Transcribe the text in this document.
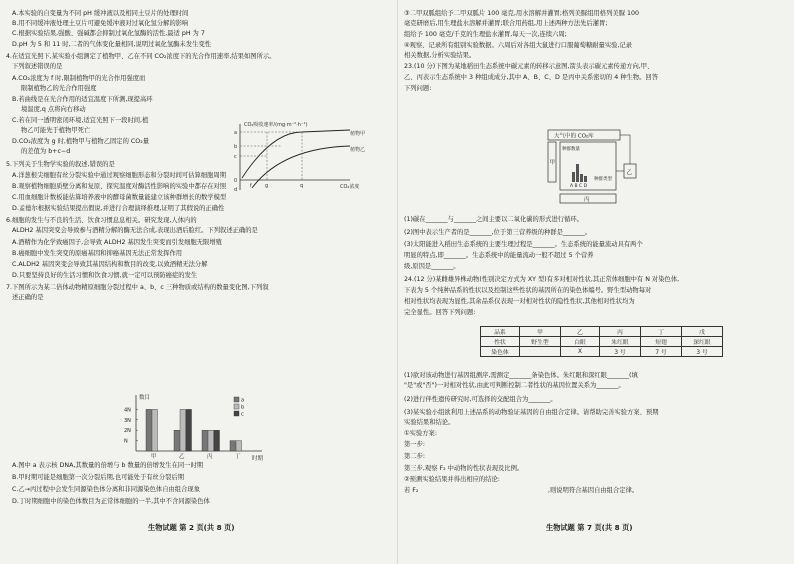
A.本实验的自变量为不同 pH 缓冲液以及相同土豆片的处理时间
B.用不同缓冲液处理土豆片可避免缓冲液对过氧化氢分解的影响
C.根据实验结果,强酸、强碱都会抑制过氧化氢酶的活性,最适 pH 为 7
D.pH 为 5 和 11 时,二者的气体变化量相同,说明过氧化氢酶未发生变性
4.在适宜光照下,某实验小组测定了植物甲、乙在不同 CO₂浓度下的光合作用速率,结果如图所示。
下列叙述错误的是
A.CO₂浓度为 f 时,限制植物甲的光合作用强度而
限制植物乙的光合作用强度
B.若曲线是在光合作用的适宜温度下所测,现提高环
境温度,q 点将向右移动
C.若在同一透明密闭环境,适宜光照下一段时间,植
物乙可能先于植物甲死亡
D.CO₂浓度为 g 时,植物甲与植物乙固定的 CO₂量
的差值为 b+c−d
5.下列关于生物学实验的叙述,错误的是
A.洋葱根尖细胞有丝分裂实验中通过观察细胞形态和分裂时间可估算细胞周期
B.观察植物细胞质壁分离和复原、探究温度对酶活性影响的实验中都存在对照
C.用血细胞计数板能估算培养液中的酵母菌数量能建立该种群增长的数学模型
D.孟德尔根据实验结果提出假说,并进行合理演绎推理,证明了其假说的正确性
6.细胞的发生与不良的生活、饮食习惯息息相关。研究发现,人体内的
ALDH2 基因突变会导致参与酒精分解的酶无法合成,表现出酒后脸红。下列叙述正确的是
A.酒精作为化学致癌因子,会导致 ALDH2 基因发生突变而引发细胞无限增殖
B.癌细胞中发生突变的原癌基因和抑癌基因无法正常发挥作用
C.ALDH2 基因突变会导致其基因结构和数目的改变,以致酒精无法分解
D.只要坚持良好的生活习惯和饮食习惯,就一定可以预防癌症的发生
7.下图所示为某二倍体动物精原细胞分裂过程中 a、b、c 三种物质或结构的数量变化图,下列叙
述正确的是
A.图中 a 表示核 DNA,其数量的倍增与 b 数量的倍增发生在同一时期
B.甲时期可能是细胞第一次分裂后期,也可能处于有丝分裂后期
C.乙→丙过程中会发生同源染色体分离和非同源染色体自由组合现象
D.丁时期细胞中的染色体数目为正常体细胞的一半,其中不含同源染色体
CO₂吸收速率/(mg·m⁻²·h⁻¹)
CO₂浓度
植物甲
植物乙
a
b
c
0
d
f	g	q
数目
时期
4N
3N
2N
N
甲	乙	丙	丁
a
b
c
生物试题 第 2 页(共 8 页)
③二甲双胍组给予二甲双胍片 100 毫克,用水溶解并灌胃;格列美脲组用格列美脲 100
毫克研磨后,用生理盐水溶解并灌胃;联合用药组,用上述两种方法先后灌胃;
组给予 100 毫克/千克的生理盐水灌胃,每天一次,连续六周;
④观察、记录所有组别实验数据。六周后对各组大鼠进行口服葡萄糖耐量实验,记录
相关数据,分析实验结果。
23.(10 分)下图为某地稻田生态系统中碳元素的转移示意图,箭头表示碳元素传递方向,甲、
乙、丙表示生态系统中 3 种组成成分,其中 A、B、C、D 是丙中关系密切的 4 种生物。回答
下列问题:
(1)碳在_______与_______之间主要以二氧化碳的形式进行循环。
(2)图中表示生产者的是_______,位于第三营养级的种群是_______。
(3)太阳能进入稻田生态系统的主要生理过程是_______。生态系统的能量流动具有两个
明显的特点,即_______。生态系统中的能量流动一般不超过 5 个营养
级,原因是_______。
24.(12 分)某雌雄异株动物(性别决定方式为 XY 型)有多对相对性状,其正常体细胞中有 N 对染色体,
下表为 5 个纯种品系的性状以及控制这些性状的基因所在的染色体编号。野生型动物每对
相对性状均表现为显性,其余品系仅表现一对相对性状的隐性性状,其他相对性状均为
完全显性。回答下列问题:
(1)欲对该动物进行基因组测序,需测定_______条染色体。朱红眼和深红眼_______(填
"是"或"否")一对相对性状,由此可判断控制二者性状的基因位置关系为_______。
(2)进行伴性遗传研究时,可选择的交配组合为_______。
(3)某实验小组欲利用上述品系的动物验证基因的自由组合定律。请帮助完善实验方案、预期
实验结果和结论。
①实验方案:
第一步:
第二步:
第三步,观察 F₂ 中动物的性状表现及比例。
②预测实验结果并得出相应的结论:
若 F₂	,则说明符合基因自由组合定律。
大气中的 CO₂库
甲
种群数量
种群类型
A B C D
乙
丙
品系	甲	乙	丙	丁	戊
性状	野生型	白眼	朱红眼	短翅	深红眼
染色体		X	3 号	7 号	3 号
生物试题 第 7 页(共 8 页)
